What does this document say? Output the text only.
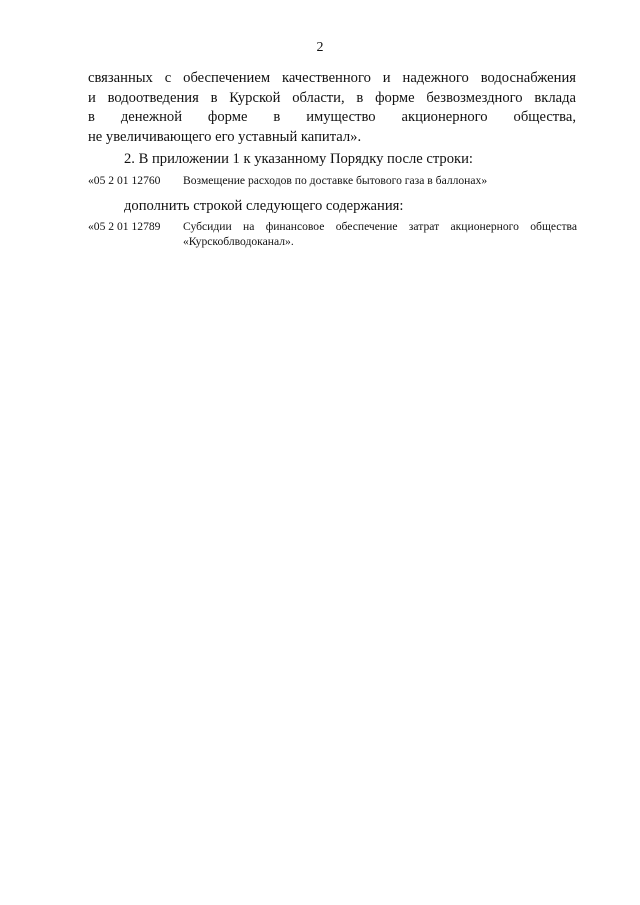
2
связанных с обеспечением качественного и надежного водоснабжения
и водоотведения в Курской области, в форме безвозмездного вклада
в денежной форме в имущество акционерного общества,
не увеличивающего его уставный капитал».
2. В приложении 1 к указанному Порядку после строки:
«05 2 01 12760	Возмещение расходов по доставке бытового газа в баллонах»
дополнить строкой следующего содержания:
«05 2 01 12789	Субсидии на финансовое обеспечение затрат акционерного общества
«Курскоблводоканал».
